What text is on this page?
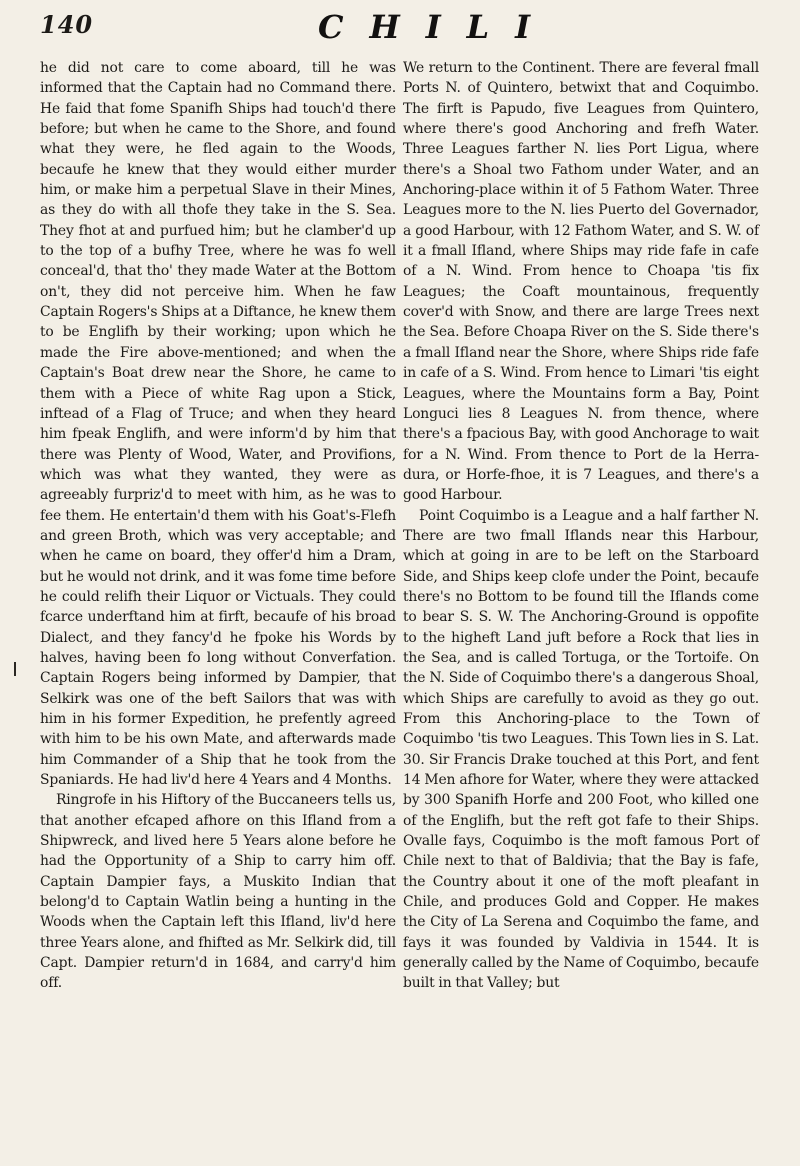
140	CHILI

he did not care to come aboard, till he was informed that the Captain had no Command there. He faid that fome Spanifh Ships had touch'd there before; but when he came to the Shore, and found what they were, he fled again to the Woods, becaufe he knew that they would either murder him, or make him a perpetual Slave in their Mines, as they do with all thofe they take in the S. Sea. They fhot at and purfued him; but he clamber'd up to the top of a bufhy Tree, where he was fo well conceal'd, that tho' they made Water at the Bottom on't, they did not perceive him. When he faw Captain Rogers's Ships at a Diftance, he knew them to be Englifh by their working; upon which he made the Fire above-mentioned; and when the Captain's Boat drew near the Shore, he came to them with a Piece of white Rag upon a Stick, inftead of a Flag of Truce; and when they heard him fpeak Englifh, and were inform'd by him that there was Plenty of Wood, Water, and Provifions, which was what they wanted, they were as agreeably furpriz'd to meet with him, as he was to fee them. He entertain'd them with his Goat's-Flefh and green Broth, which was very acceptable; and when he came on board, they offer'd him a Dram, but he would not drink, and it was fome time before he could relifh their Liquor or Victuals. They could fcarce underftand him at firft, becaufe of his broad Dialect, and they fancy'd he fpoke his Words by halves, having been fo long without Converfation. Captain Rogers being informed by Dampier, that Selkirk was one of the beft Sailors that was with him in his former Expedition, he prefently agreed with him to be his own Mate, and afterwards made him Commander of a Ship that he took from the Spaniards. He had liv'd here 4 Years and 4 Months.

Ringrofe in his Hiftory of the Buccaneers tells us, that another efcaped afhore on this Ifland from a Shipwreck, and lived here 5 Years alone before he had the Opportunity of a Ship to carry him off. Captain Dampier fays, a Muskito Indian that belong'd to Captain Watlin being a hunting in the Woods when the Captain left this Ifland, liv'd here three Years alone, and fhifted as Mr. Selkirk did, till Capt. Dampier return'd in 1684, and carry'd him off.

We return to the Continent. There are feveral fmall Ports N. of Quintero, betwixt that and Coquimbo. The firft is Papudo, five Leagues from Quintero, where there's good Anchoring and frefh Water. Three Leagues farther N. lies Port Ligua, where there's a Shoal two Fathom under Water, and an Anchoring-place within it of 5 Fathom Water. Three Leagues more to the N. lies Puerto del Governador, a good Harbour, with 12 Fathom Water, and S. W. of it a fmall Ifland, where Ships may ride fafe in cafe of a N. Wind. From hence to Choapa 'tis fix Leagues; the Coaft mountainous, frequently cover'd with Snow, and there are large Trees next the Sea. Before Choapa River on the S. Side there's a fmall Ifland near the Shore, where Ships ride fafe in cafe of a S. Wind. From hence to Limari 'tis eight Leagues, where the Mountains form a Bay, Point Longuci lies 8 Leagues N. from thence, where there's a fpacious Bay, with good Anchorage to wait for a N. Wind. From thence to Port de la Herra-dura, or Horfe-fhoe, it is 7 Leagues, and there's a good Harbour.

Point Coquimbo is a League and a half farther N. There are two fmall Iflands near this Harbour, which at going in are to be left on the Starboard Side, and Ships keep clofe under the Point, becaufe there's no Bottom to be found till the Iflands come to bear S. S. W. The Anchoring-Ground is oppofite to the higheft Land juft before a Rock that lies in the Sea, and is called Tortuga, or the Tortoife. On the N. Side of Coquimbo there's a dangerous Shoal, which Ships are carefully to avoid as they go out. From this Anchoring-place to the Town of Coquimbo 'tis two Leagues. This Town lies in S. Lat. 30. Sir Francis Drake touched at this Port, and fent 14 Men afhore for Water, where they were attacked by 300 Spanifh Horfe and 200 Foot, who killed one of the Englifh, but the reft got fafe to their Ships. Ovalle fays, Coquimbo is the moft famous Port of Chile next to that of Baldivia; that the Bay is fafe, the Country about it one of the moft pleafant in Chile, and produces Gold and Copper. He makes the City of La Serena and Coquimbo the fame, and fays it was founded by Valdivia in 1544. It is generally called by the Name of Coquimbo, becaufe built in that Valley; but
